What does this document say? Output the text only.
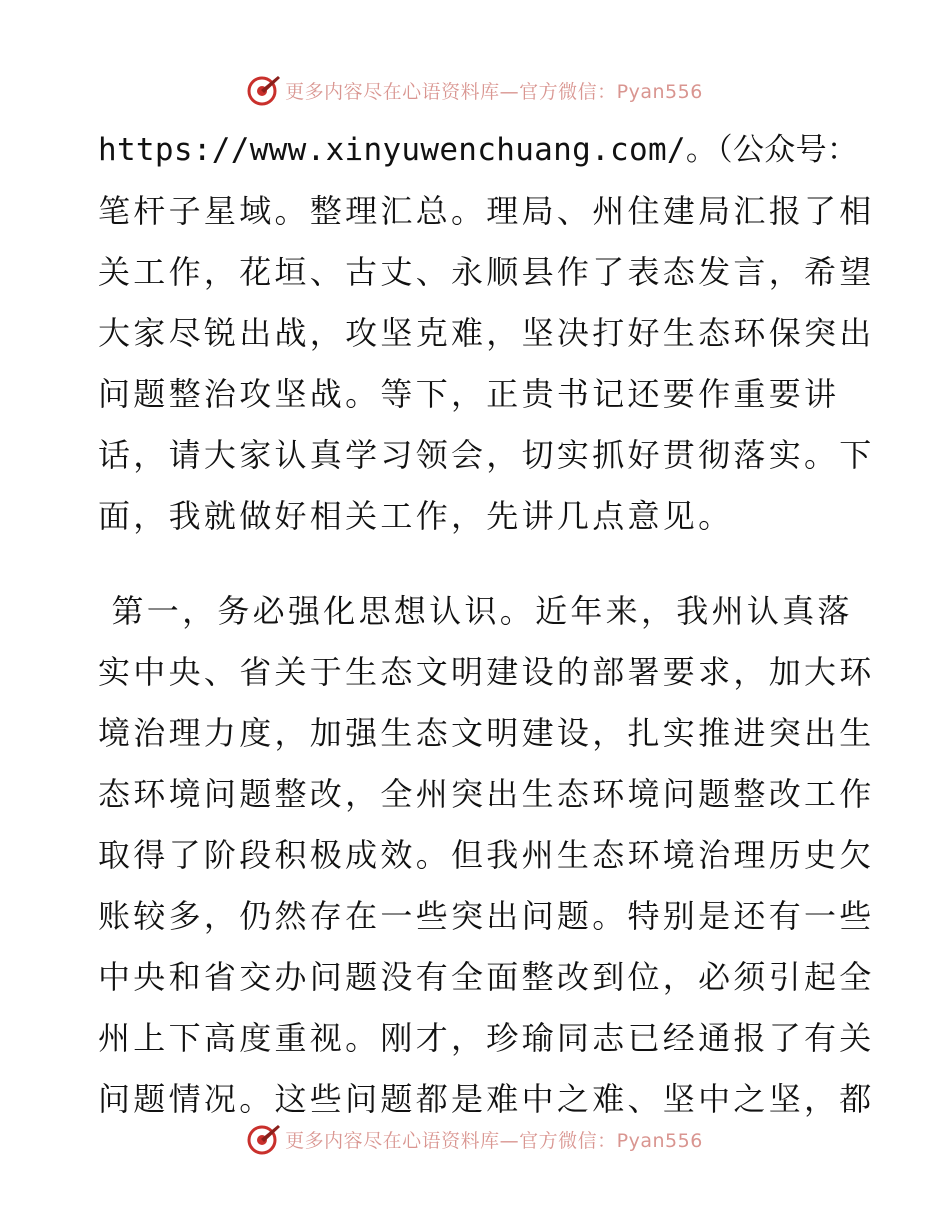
更多内容尽在心语资料库—官方微信：Pyan556
https://www.xinyuwenchuang.com/。（公众号：
笔杆子星域。整理汇总。理局、州住建局汇报了相
关工作，花垣、古丈、永顺县作了表态发言，希望
大家尽锐出战，攻坚克难，坚决打好生态环保突出
问题整治攻坚战。等下，正贵书记还要作重要讲
话，请大家认真学习领会，切实抓好贯彻落实。下
面，我就做好相关工作，先讲几点意见。
第一，务必强化思想认识。近年来，我州认真落
实中央、省关于生态文明建设的部署要求，加大环
境治理力度，加强生态文明建设，扎实推进突出生
态环境问题整改，全州突出生态环境问题整改工作
取得了阶段积极成效。但我州生态环境治理历史欠
账较多，仍然存在一些突出问题。特别是还有一些
中央和省交办问题没有全面整改到位，必须引起全
州上下高度重视。刚才，珍瑜同志已经通报了有关
问题情况。这些问题都是难中之难、坚中之坚，都
更多内容尽在心语资料库—官方微信：Pyan556
